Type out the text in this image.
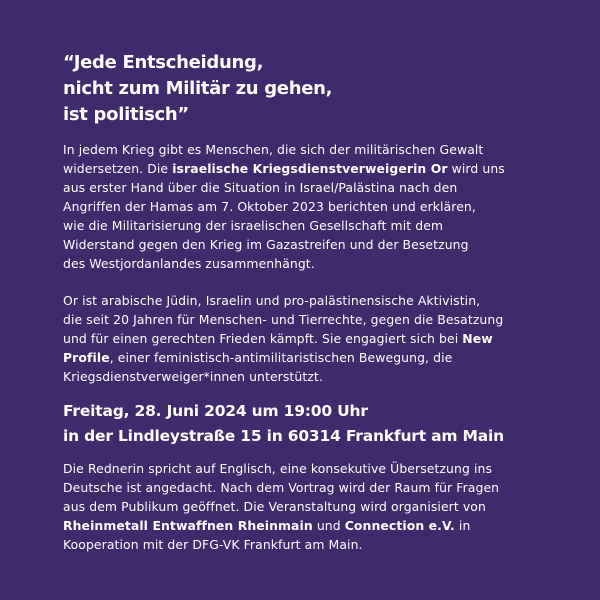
“Jede Entscheidung,
nicht zum Militär zu gehen,
ist politisch”
In jedem Krieg gibt es Menschen, die sich der militärischen Gewalt
widersetzen. Die israelische Kriegsdienstverweigerin Or wird uns
aus erster Hand über die Situation in Israel/Palästina nach den
Angriffen der Hamas am 7. Oktober 2023 berichten und erklären,
wie die Militarisierung der israelischen Gesellschaft mit dem
Widerstand gegen den Krieg im Gazastreifen und der Besetzung
des Westjordanlandes zusammenhängt.
Or ist arabische Jüdin, Israelin und pro-palästinensische Aktivistin,
die seit 20 Jahren für Menschen- und Tierrechte, gegen die Besatzung
und für einen gerechten Frieden kämpft. Sie engagiert sich bei New
Profile, einer feministisch-antimilitaristischen Bewegung, die
Kriegsdienstverweiger*innen unterstützt.
Freitag, 28. Juni 2024 um 19:00 Uhr
in der Lindleystraße 15 in 60314 Frankfurt am Main
Die Rednerin spricht auf Englisch, eine konsekutive Übersetzung ins
Deutsche ist angedacht. Nach dem Vortrag wird der Raum für Fragen
aus dem Publikum geöffnet. Die Veranstaltung wird organisiert von
Rheinmetall Entwaffnen Rheinmain und Connection e.V. in
Kooperation mit der DFG-VK Frankfurt am Main.
